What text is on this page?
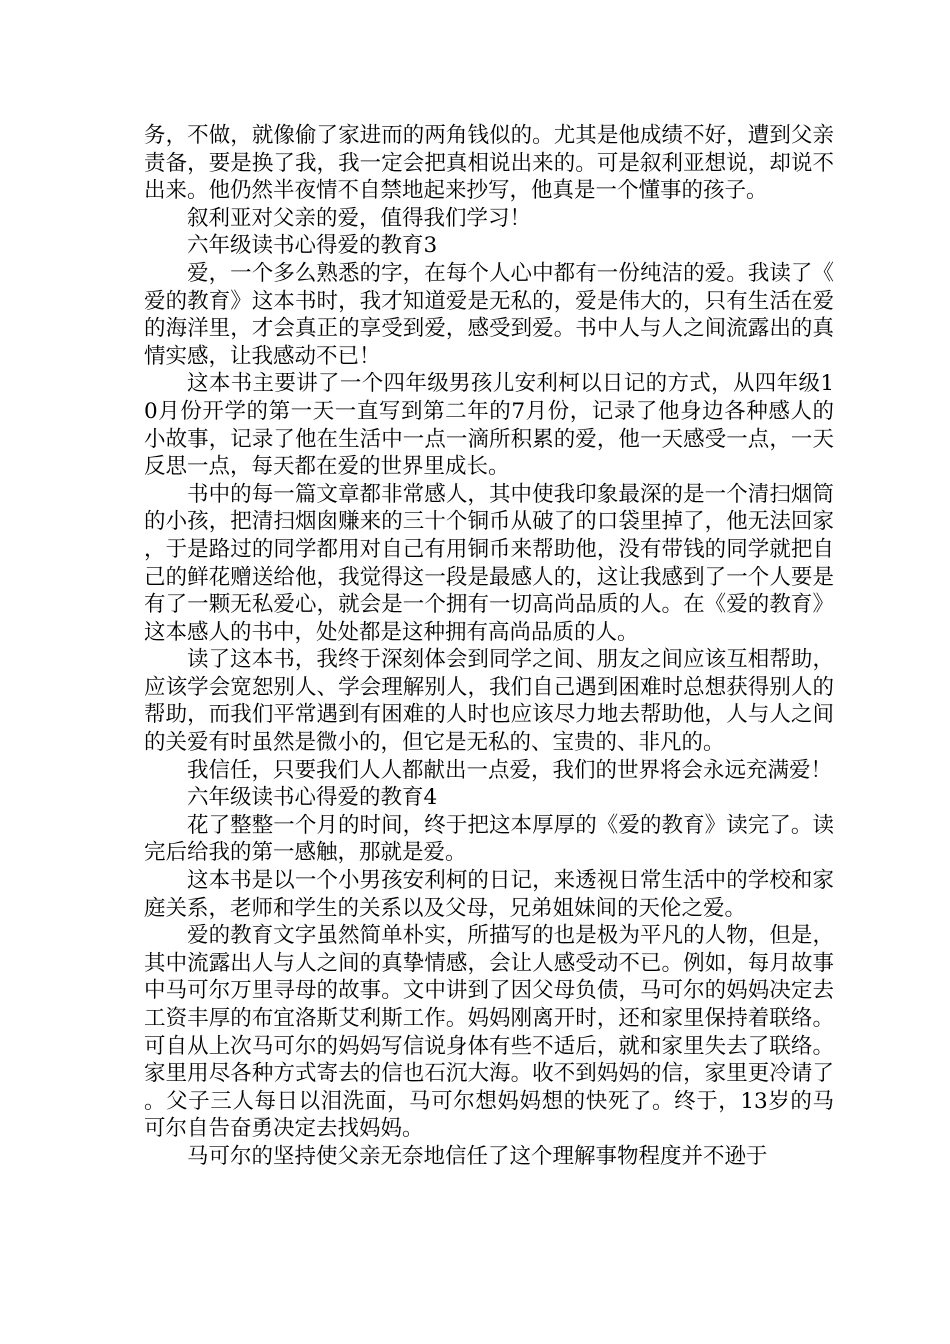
务，不做，就像偷了家进而的两角钱似的。尤其是他成绩不好，遭到父亲责备，要是换了我，我一定会把真相说出来的。可是叙利亚想说，却说不出来。他仍然半夜情不自禁地起来抄写，他真是一个懂事的孩子。

叙利亚对父亲的爱，值得我们学习！

六年级读书心得爱的教育3

爱，一个多么熟悉的字，在每个人心中都有一份纯洁的爱。我读了《爱的教育》这本书时，我才知道爱是无私的，爱是伟大的，只有生活在爱的海洋里，才会真正的享受到爱，感受到爱。书中人与人之间流露出的真情实感，让我感动不已！

这本书主要讲了一个四年级男孩儿安利柯以日记的方式，从四年级10月份开学的第一天一直写到第二年的7月份，记录了他身边各种感人的小故事，记录了他在生活中一点一滴所积累的爱，他一天感受一点，一天反思一点，每天都在爱的世界里成长。

书中的每一篇文章都非常感人，其中使我印象最深的是一个清扫烟筒的小孩，把清扫烟囱赚来的三十个铜币从破了的口袋里掉了，他无法回家，于是路过的同学都用对自己有用铜币来帮助他，没有带钱的同学就把自己的鲜花赠送给他，我觉得这一段是最感人的，这让我感到了一个人要是有了一颗无私爱心，就会是一个拥有一切高尚品质的人。在《爱的教育》这本感人的书中，处处都是这种拥有高尚品质的人。

读了这本书，我终于深刻体会到同学之间、朋友之间应该互相帮助，应该学会宽恕别人、学会理解别人，我们自己遇到困难时总想获得别人的帮助，而我们平常遇到有困难的人时也应该尽力地去帮助他，人与人之间的关爱有时虽然是微小的，但它是无私的、宝贵的、非凡的。

我信任，只要我们人人都献出一点爱，我们的世界将会永远充满爱！

六年级读书心得爱的教育4

花了整整一个月的时间，终于把这本厚厚的《爱的教育》读完了。读完后给我的第一感触，那就是爱。

这本书是以一个小男孩安利柯的日记，来透视日常生活中的学校和家庭关系，老师和学生的关系以及父母，兄弟姐妹间的天伦之爱。

爱的教育文字虽然简单朴实，所描写的也是极为平凡的人物，但是，其中流露出人与人之间的真挚情感，会让人感受动不已。例如，每月故事中马可尔万里寻母的故事。文中讲到了因父母负债，马可尔的妈妈决定去工资丰厚的布宜洛斯艾利斯工作。妈妈刚离开时，还和家里保持着联络。可自从上次马可尔的妈妈写信说身体有些不适后，就和家里失去了联络。家里用尽各种方式寄去的信也石沉大海。收不到妈妈的信，家里更冷请了。父子三人每日以泪洗面，马可尔想妈妈想的快死了。终于，13岁的马可尔自告奋勇决定去找妈妈。

马可尔的坚持使父亲无奈地信任了这个理解事物程度并不逊于
